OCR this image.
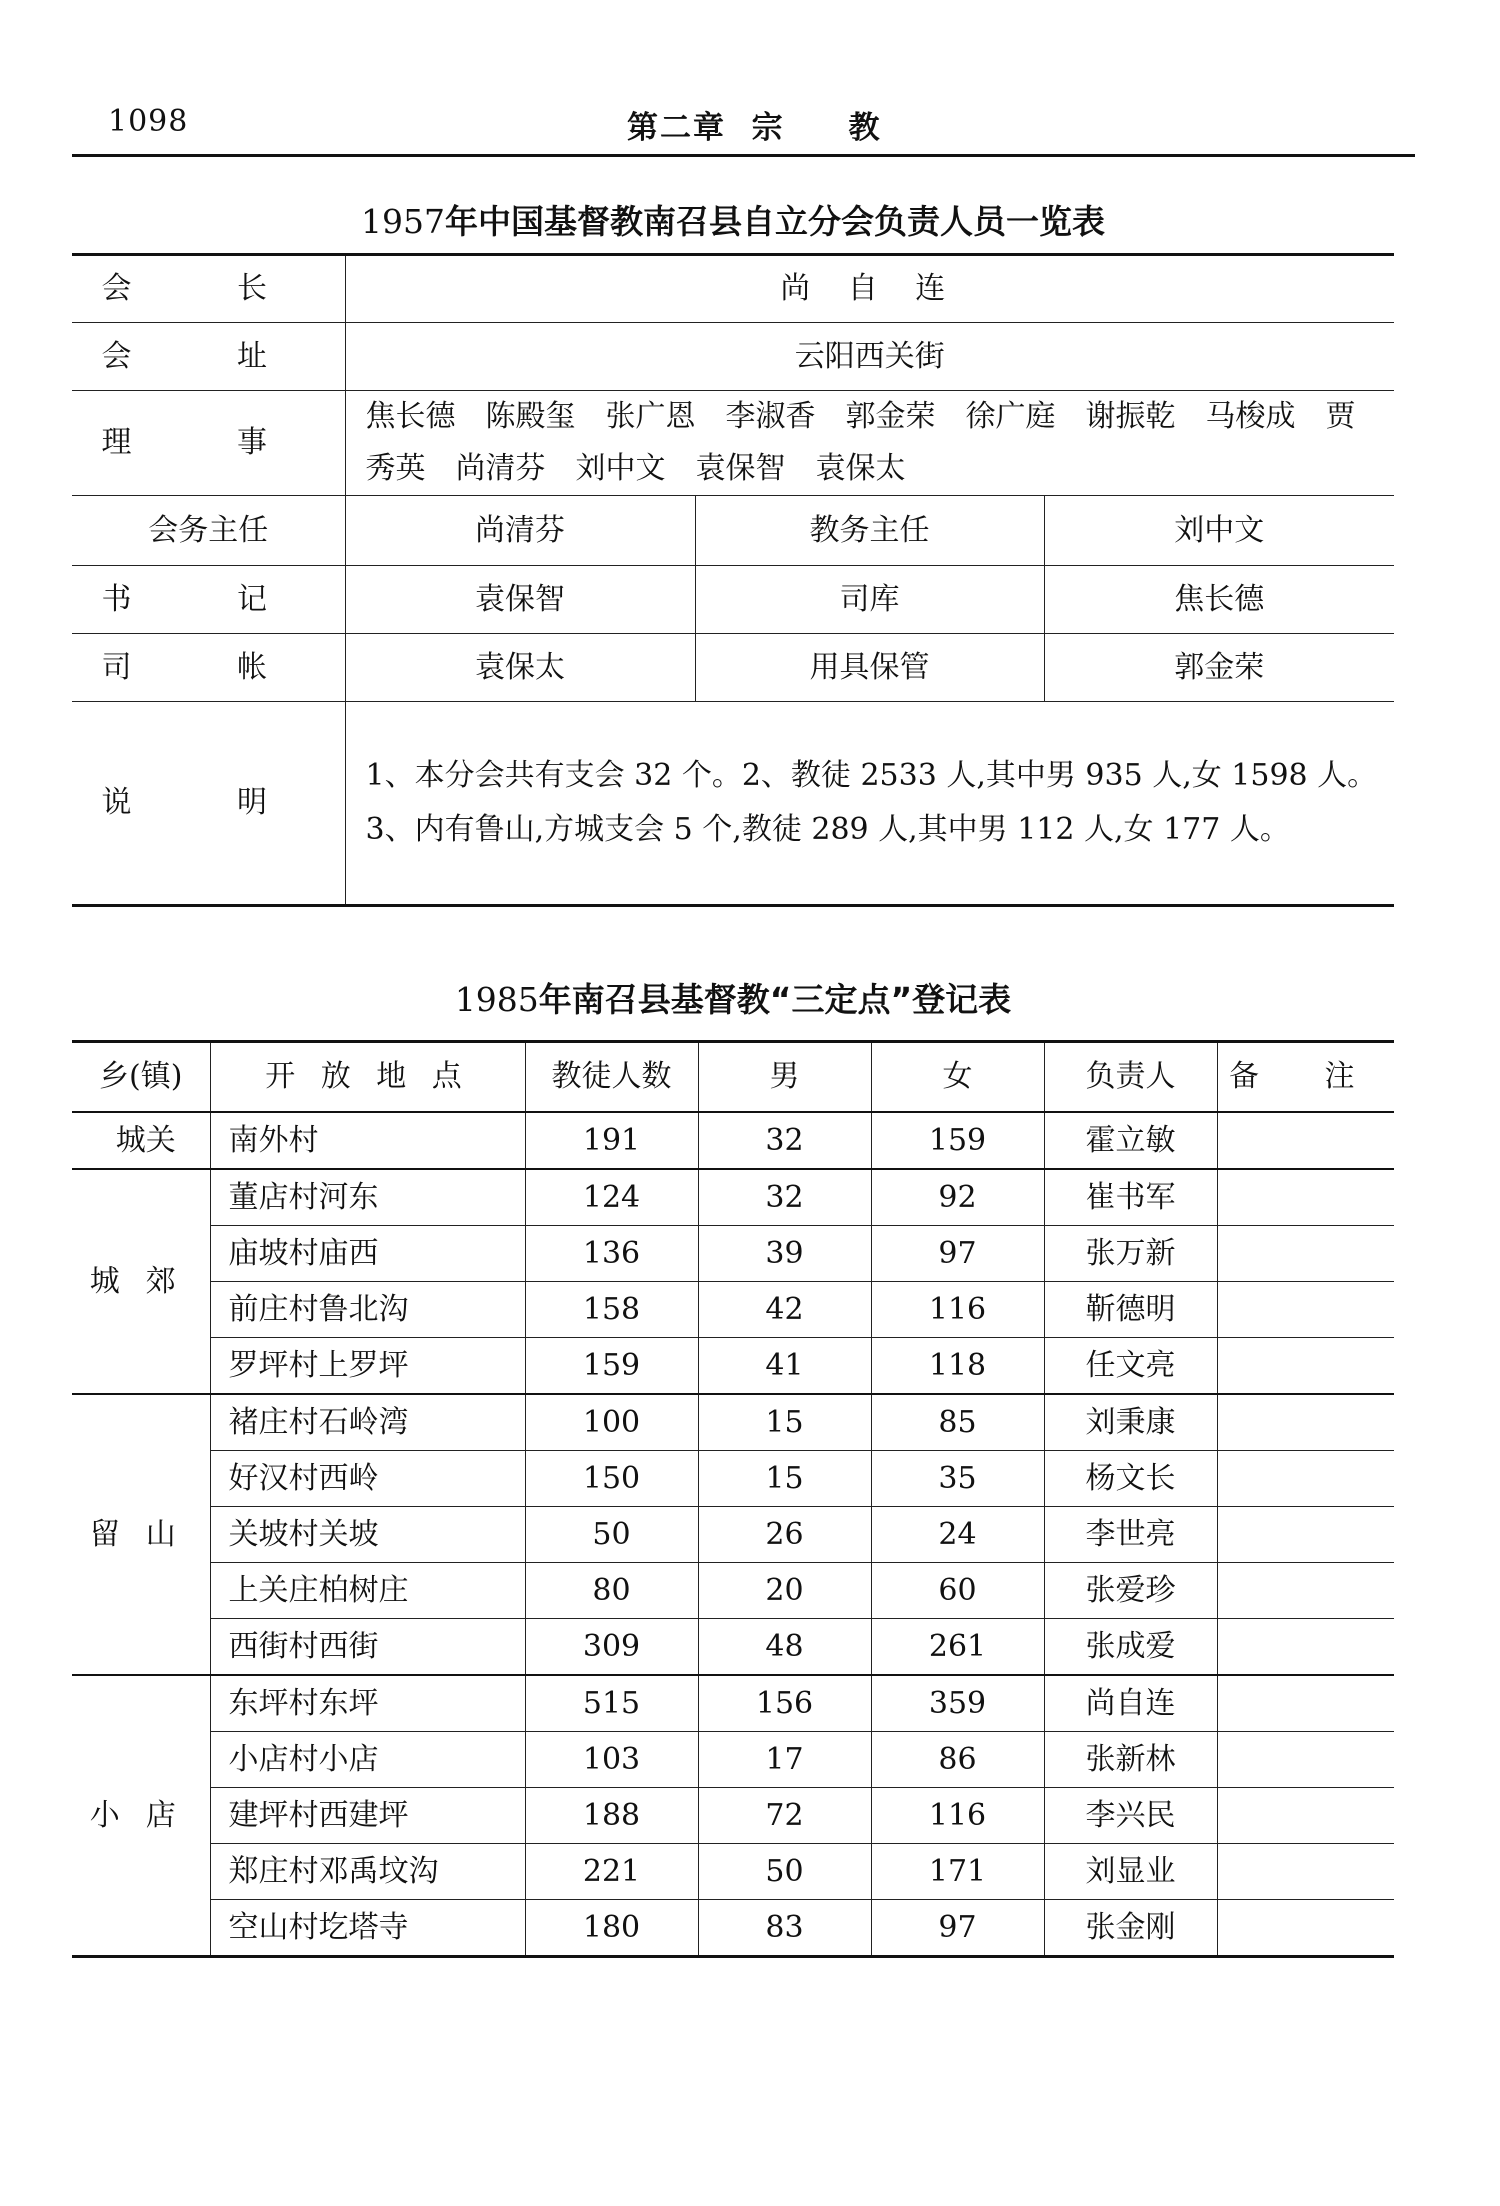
1098	第二章  宗     教
1957年中国基督教南召县自立分会负责人员一览表
会 长	尚 自 连		
会 址	云阳西关街		
理 事	焦长德　陈殿玺　张广恩　李淑香　郭金荣　徐广庭　谢振乾　马梭成　贾秀英　尚清芬　刘中文　袁保智　袁保太		
会务主任	尚清芬	教务主任	刘中文
书 记	袁保智	司库	焦长德
司 帐	袁保太	用具保管	郭金荣
说 明	1、本分会共有支会 32 个。2、教徒 2533 人,其中男 935 人,女 1598 人。3、内有鲁山,方城支会 5 个,教徒 289 人,其中男 112 人,女 177 人。		
1985年南召县基督教“三定点”登记表
乡(镇)	开 放 地 点	教徒人数	男	女	负责人	备 注
城关	南外村	191	32	159	霍立敏	
城郊	董店村河东	124	32	92	崔书军	
	庙坡村庙西	136	39	97	张万新	
	前庄村鲁北沟	158	42	116	靳德明	
	罗坪村上罗坪	159	41	118	任文亮	
留山	褚庄村石岭湾	100	15	85	刘秉康	
	好汉村西岭	150	15	35	杨文长	
	关坡村关坡	50	26	24	李世亮	
	上关庄柏树庄	80	20	60	张爱珍	
	西街村西街	309	48	261	张成爱	
小店	东坪村东坪	515	156	359	尚自连	
	小店村小店	103	17	86	张新林	
	建坪村西建坪	188	72	116	李兴民	
	郑庄村邓禹坟沟	221	50	171	刘显业	
	空山村圪塔寺	180	83	97	张金刚	
